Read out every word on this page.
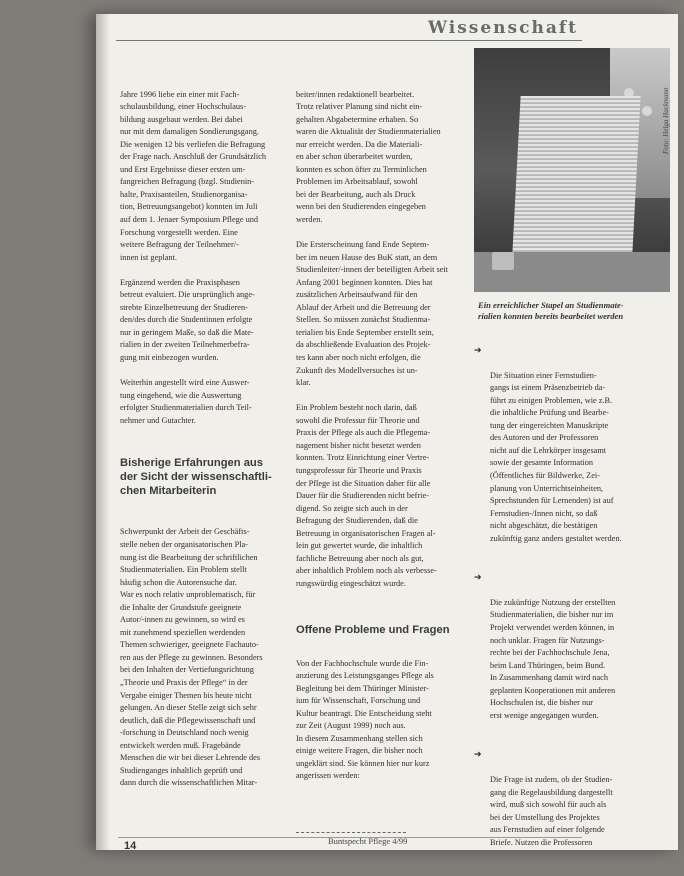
Wissenschaft

Jahre 1996 liebe ein einer mit Fach-
schulausbildung, einer Hochschulaus-
bildung ausgebaut werden. Bei dabei
nur mit dem damaligen Sondierungsgang.
Die wenigen 12 bis verliefen die Befragung
der Frage nach. Anschluß der Grundsätzlich
und Erst Ergebnisse dieser ersten um-
fangreichen Befragung (bzgl. Studienin-
halte, Praxisanteilen, Studienorganisa-
tion, Betreuungsangebot) konnten im Juli
auf dem 1. Jenaer Symposium Pflege und
Forschung vorgestellt werden. Eine
weitere Befragung der Teilnehmer/-
innen ist geplant.

Ergänzend werden die Praxisphasen
betreut evaluiert. Die ursprünglich ange-
strebte Einzelbetreuung der Studieren-
den/des durch die Studentinnen erfolgte
nur in geringem Maße, so daß die Mate-
rialien in der zweiten Teilnehmerbefra-
gung mit einbezogen wurden.

Weiterhin angestellt wird eine Auswer-
tung eingehend, wie die Auswertung
erfolgter Studienmaterialien durch Teil-
nehmer und Gutachter.

Bisherige Erfahrungen aus der Sicht der wissenschaftli-chen Mitarbeiterin

Schwerpunkt der Arbeit der Geschäfts-
stelle neben der organisatorischen Pla-
nung ist die Bearbeitung der schriftlichen
Studienmaterialien. Ein Problem stellt
häufig schon die Autorensuche dar.
War es noch relativ unproblematisch, für
die Inhalte der Grundstufe geeignete
Autor/-innen zu gewinnen, so wird es
mit zunehmend speziellen werdenden
Themen schwieriger, geeignete Fachauto-
ren aus der Pflege zu gewinnen. Besonders
bei den Inhalten der Vertiefungsrichtung
„Theorie und Praxis der Pflege“ in der
Vergabe einiger Themen bis heute nicht
gelungen. An dieser Stelle zeigt sich sehr
deutlich, daß die Pflegewissenschaft und
-forschung in Deutschland noch wenig
entwickelt werden muß. Fragebände
Menschen die wir bei dieser Lehrende des
Studienganges inhaltlich geprüft und
dann durch die wissenschaftlichen Mitar-

beiter/innen redaktionell bearbeitet.
Trotz relativer Planung sind nicht ein-
gehalten Abgabetermine erhaben. So
waren die Aktualität der Studienmaterialien
nur erreicht werden. Da die Materiali-
en aber schon überarbeitet wurden,
konnten es schon öfter zu Terminlichen
Problemen im Arbeitsablauf, sowohl
bei der Bearbeitung, auch als Druck
wenn bei den Studierenden eingegeben
werden.

Die Ersterscheinung fand Ende Septem-
ber im neuen Hause des BuK statt, an dem
Studienleiter/-innen der beteiligten Arbeit seit
Anfang 2001 beginnen konnten. Dies hat
zusätzlichen Arbeitsaufwand für den
Ablauf der Arbeit und die Betreuung der
Stellen. So müssen zunächst Studienma-
terialien bis Ende September erstellt sein,
da abschließende Evaluation des Projek-
tes kann aber noch nicht erfolgen, die
Zukunft des Modellversuches ist un-
klar.

Ein Problem besteht noch darin, daß
sowohl die Professur für Theorie und
Praxis der Pflege als auch die Pflegema-
nagement bisher nicht besetzt werden
konnten. Trotz Einrichtung einer Vertre-
tungsprofessur für Theorie und Praxis
der Pflege ist die Situation daher für alle
Dauer für die Studierenden nicht befrie-
digend. So zeigte sich auch in der
Befragung der Studierenden, daß die
Betreuung in organisatorischen Fragen al-
lein gut gewertet wurde, die inhaltlich
fachliche Betreuung aber noch als gut,
aber inhaltlich Problem noch als verbesse-
rungswürdig eingeschätzt wurde.

Offene Probleme und Fragen

Von der Fachhochschule wurde die Fin-
anzierung des Leistungsganges Pflege als
Begleitung bei dem Thüringer Minister-
ium für Wissenschaft, Forschung und
Kultur beantragt. Die Entscheidung steht
zur Zeit (August 1999) noch aus.
In diesem Zusammenhang stellen sich
einige weitere Fragen, die bisher noch
ungeklärt sind. Sie können hier nur kurz
angerissen werden:

Foto: Helga Hackmann
Ein erreichlicher Stapel an Studienmate-
rialien konnten bereits bearbeitet werden

➔

Die Situation einer Fernstudien-
gangs ist einem Präsenzbetrieb da-
führt zu einigen Problemen, wie z.B.
die inhaltliche Prüfung und Bearbe-
tung der eingereichten Manuskripte
des Autoren und der Professoren
nicht auf die Lehrkörper insgesamt
sowie der gesamte Information
(Öffentliches für Bildwerke, Zei-
planung von Unterrichtseinheiten,
Sprechstunden für Lernenden) ist auf
Fernstudien-/Innen nicht, so daß
nicht abgeschätzt, die bestätigen
zukünftig ganz anders gestaltet werden.

➔

Die zukünftige Nutzung der erstellten
Studienmaterialien, die bisher nur im
Projekt verwendet werden können, in
noch unklar. Fragen für Nutzungs-
rechte bei der Fachhochschule Jena,
beim Land Thüringen, beim Bund.
In Zusammenhang damit wird nach
geplanten Kooperationen mit anderen
Hochschulen ist, die bisher nur
erst wenige angegangen wurden.

➔

Die Frage ist zudem, ob der Studien-
gang die Regelausbildung dargestellt
wird, muß sich sowohl für auch als
bei der Umstellung des Projektes
aus Fernstudien auf einer folgende
Briefe. Nutzen die Professoren

Buntspecht Pflege 4/99
14
